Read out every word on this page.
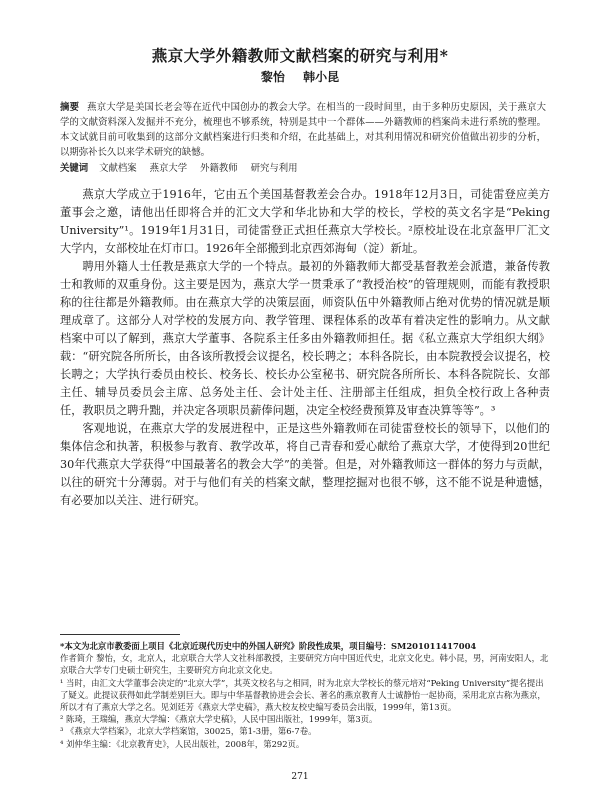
燕京大学外籍教师文献档案的研究与利用*
黎怡 韩小昆
摘要 燕京大学是美国长老会等在近代中国创办的教会大学。在相当的一段时间里，由于多种历史原因，关于燕京大学的文献资料深入发掘并不充分，梳理也不够系统，特别是其中一个群体——外籍教师的档案尚未进行系统的整理。本文试就目前可收集到的这部分文献档案进行归类和介绍，在此基础上，对其利用情况和研究价值做出初步的分析，以期弥补长久以来学术研究的缺憾。
关键词 文献档案 燕京大学 外籍教师 研究与利用

燕京大学成立于1916年，它由五个美国基督教差会合办。1918年12月3日，司徒雷登应美方董事会之邀，请他出任即将合并的汇文大学和华北协和大学的校长，学校的英文名字是“Peking University”¹。1919年1月31日，司徒雷登正式担任燕京大学校长。²原校址设在北京盔甲厂汇文大学内，女部校址在灯市口。1926年全部搬到北京西郊海甸（淀）新址。

聘用外籍人士任教是燕京大学的一个特点。最初的外籍教师大都受基督教差会派遣，兼备传教士和教师的双重身份。这主要是因为，燕京大学一贯秉承了“教授治校”的管理规则，而能有教授职称的往往都是外籍教师。由在燕京大学的决策层面，师资队伍中外籍教师占绝对优势的情况就是顺理成章了。这部分人对学校的发展方向、教学管理、课程体系的改革有着决定性的影响力。从文献档案中可以了解到，燕京大学董事、各院系主任多由外籍教师担任。据《私立燕京大学组织大纲》载：“研究院各所所长，由各该所教授会议提名，校长聘之；本科各院长，由本院教授会议提名，校长聘之；大学执行委员由校长、校务长、校长办公室秘书、研究院各所所长、本科各院院长、女部主任、辅导员委员会主席、总务处主任、会计处主任、注册部主任组成，担负全校行政上各种责任，教职员之聘升黜，并决定各项职员薪俸问题，决定全校经费预算及审查决算等等”。³

客观地说，在燕京大学的发展进程中，正是这些外籍教师在司徒雷登校长的领导下，以他们的集体信念和执著，积极参与教育、教学改革，将自己青春和爱心献给了燕京大学，才使得到20世纪30年代燕京大学获得“中国最著名的教会大学”的美誉。但是，对外籍教师这一群体的努力与贡献，以往的研究十分薄弱。对于与他们有关的档案文献，整理挖掘对也很不够，这不能不说是种遗憾，有必要加以关注、进行研究。

*本文为北京市教委面上项目《北京近现代历史中的外国人研究》阶段性成果，项目编号：SM201011417004
作者简介 黎怡，女，北京人，北京联合大学人文社科部教授，主要研究方向中国近代史，北京文化史。韩小昆，男，河南安阳人，北京联合大学专门史硕士研究生，主要研究方向北京文化史。
¹ 当时，由汇文大学董事会决定的“北京大学”，其英文校名与之相同，时为北京大学校长的蔡元培对“Peking University”提名提出了疑义。此提议获得如此学制差别巨大。即与中华基督教协进会会长、著名的燕京教育人士诚静怡一起协商，采用北京古称为燕京，所以才有了燕京大学之名。见刘廷芳《燕京大学史稿》，燕大校友校史编写委员会出版，1999年，第13页。
² 陈琦，王瑞编，燕京大学编：《燕京大学史稿》，人民中国出版社，1999年，第3页。
³ 《燕京大学档案》，北京大学档案馆，30025，第1-3册，第6-7卷。
⁴ 刘仲华主编：《北京教育史》，人民出版社，2008年，第292页。
271
